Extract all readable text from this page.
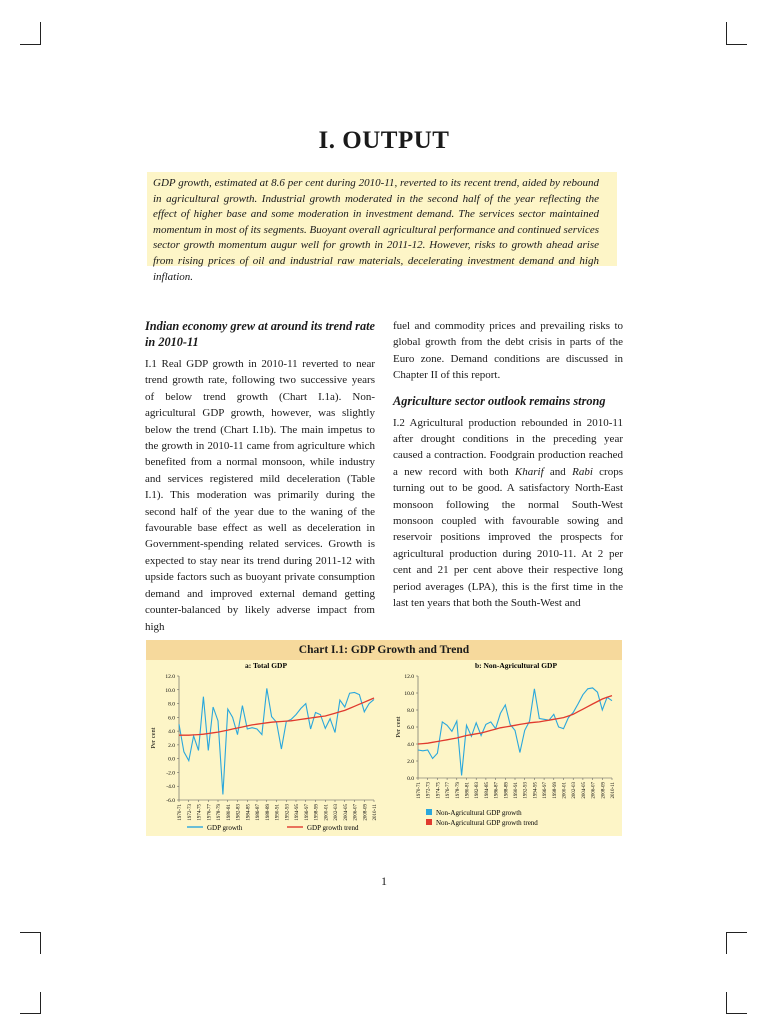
I. OUTPUT
GDP growth, estimated at 8.6 per cent during 2010-11, reverted to its recent trend, aided by rebound in agricultural growth. Industrial growth moderated in the second half of the year reflecting the effect of higher base and some moderation in investment demand. The services sector maintained momentum in most of its segments. Buoyant overall agricultural performance and continued services sector growth momentum augur well for growth in 2011-12. However, risks to growth ahead arise from rising prices of oil and industrial raw materials, decelerating investment demand and high inflation.
Indian economy grew at around its trend rate in 2010-11

I.1 Real GDP growth in 2010-11 reverted to near trend growth rate, following two successive years of below trend growth (Chart I.1a). Non-agricultural GDP growth, however, was slightly below the trend (Chart I.1b). The main impetus to the growth in 2010-11 came from agriculture which benefited from a normal monsoon, while industry and services registered mild deceleration (Table I.1). This moderation was primarily during the second half of the year due to the waning of the favourable base effect as well as deceleration in Government-spending related services. Growth is expected to stay near its trend during 2011-12 with upside factors such as buoyant private consumption demand and improved external demand getting counter-balanced by likely adverse impact from high

fuel and commodity prices and prevailing risks to global growth from the debt crisis in parts of the Euro zone. Demand conditions are discussed in Chapter II of this report.

Agriculture sector outlook remains strong

I.2 Agricultural production rebounded in 2010-11 after drought conditions in the preceding year caused a contraction. Foodgrain production reached a new record with both Kharif and Rabi crops turning out to be good. A satisfactory North-East monsoon following the normal South-West monsoon coupled with favourable sowing and reservoir positions improved the prospects for agricultural production during 2010-11. At 2 per cent and 21 per cent above their respective long period averages (LPA), this is the first time in the last ten years that both the South-West and

Chart I.1: GDP Growth and Trend
a: Total GDP
12.0
10.0
8.0
6.0
4.0
2.0
0.0
-2.0
-4.0
-6.0
Per cent
1970-71 1972-73 1974-75 1976-77 1978-79 1980-81 1982-83 1984-85 1986-87 1988-89 1990-91 1992-93 1994-95 1996-97 1998-99 2000-01 2002-03 2004-05 2006-07 2008-09 2010-11
GDP growth	GDP growth trend
b: Non-Agricultural GDP
12.0
10.0
8.0
6.0
4.0
2.0
0.0
Per cent
1970-71 1972-73 1974-75 1976-77 1978-79 1980-81 1982-83 1984-85 1986-87 1988-89 1990-91 1992-93 1994-95 1996-97 1998-99 2000-01 2002-03 2004-05 2006-07 2008-09 2010-11
Non-Agricultural GDP growth
Non-Agricultural GDP growth trend
1
